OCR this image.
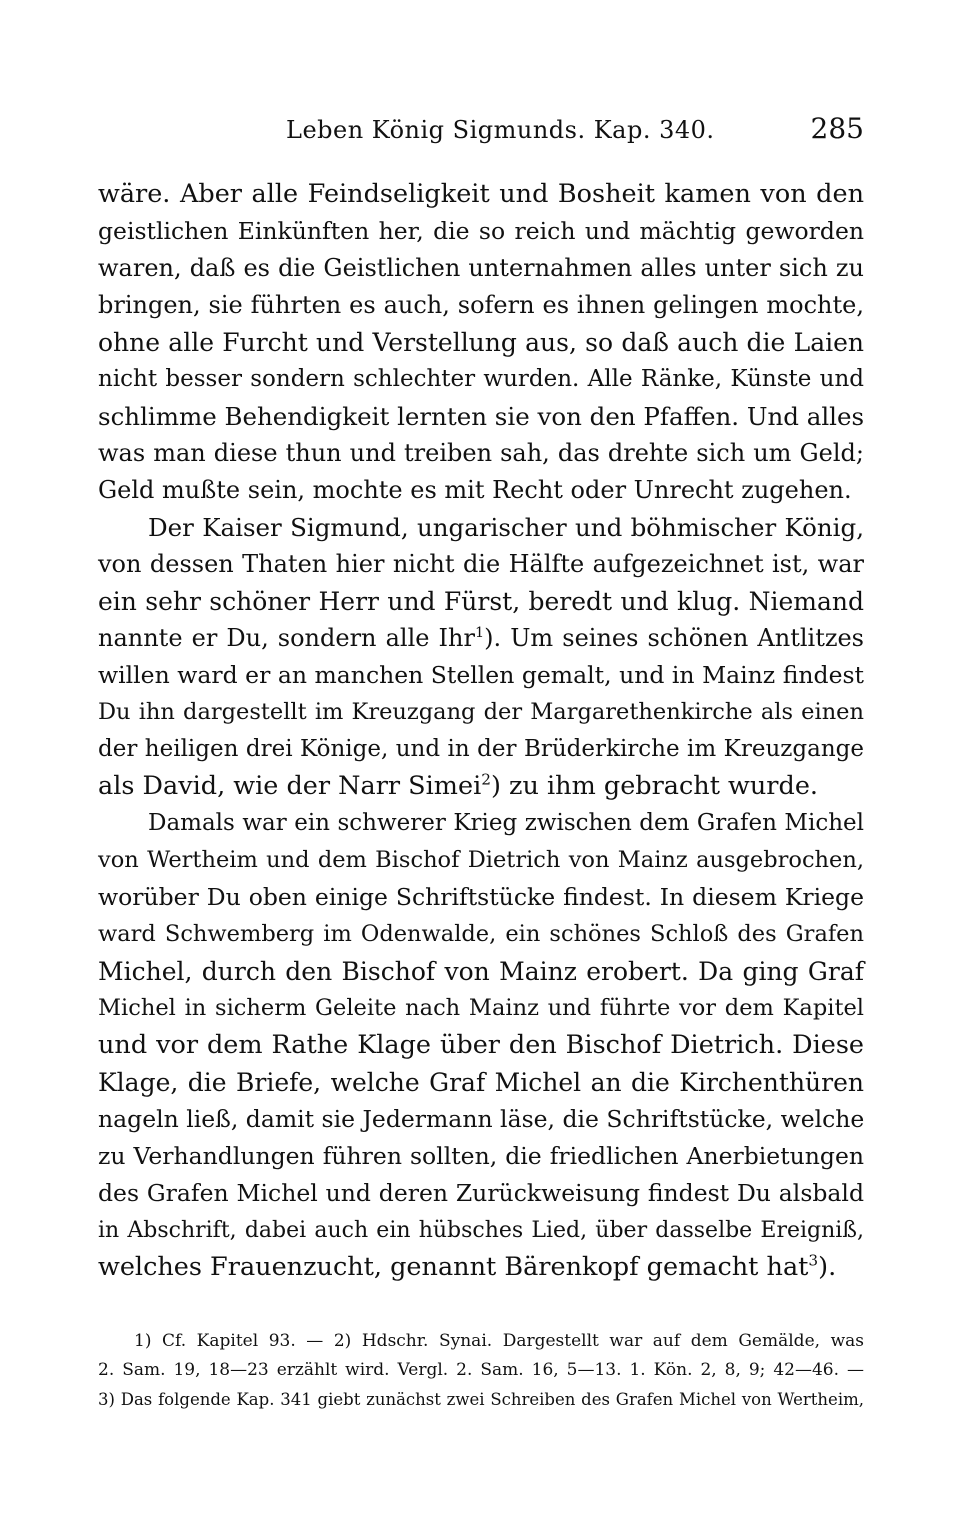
Leben König Sigmunds. Kap. 340.	285
wäre. Aber alle Feindseligkeit und Bosheit kamen von den
geistlichen Einkünften her, die so reich und mächtig geworden
waren, daß es die Geistlichen unternahmen alles unter sich zu
bringen, sie führten es auch, sofern es ihnen gelingen mochte,
ohne alle Furcht und Verstellung aus, so daß auch die Laien
nicht besser sondern schlechter wurden. Alle Ränke, Künste und
schlimme Behendigkeit lernten sie von den Pfaffen. Und alles
was man diese thun und treiben sah, das drehte sich um Geld;
Geld mußte sein, mochte es mit Recht oder Unrecht zugehen.
Der Kaiser Sigmund, ungarischer und böhmischer König,
von dessen Thaten hier nicht die Hälfte aufgezeichnet ist, war
ein sehr schöner Herr und Fürst, beredt und klug. Niemand
nannte er Du, sondern alle Ihr$^1$). Um seines schönen Antlitzes
willen ward er an manchen Stellen gemalt, und in Mainz findest
Du ihn dargestellt im Kreuzgang der Margarethenkirche als einen
der heiligen drei Könige, und in der Brüderkirche im Kreuzgange
als David, wie der Narr Simei$^2$) zu ihm gebracht wurde.
Damals war ein schwerer Krieg zwischen dem Grafen Michel
von Wertheim und dem Bischof Dietrich von Mainz ausgebrochen,
worüber Du oben einige Schriftstücke findest. In diesem Kriege
ward Schwemberg im Odenwalde, ein schönes Schloß des Grafen
Michel, durch den Bischof von Mainz erobert. Da ging Graf
Michel in sicherm Geleite nach Mainz und führte vor dem Kapitel
und vor dem Rathe Klage über den Bischof Dietrich. Diese
Klage, die Briefe, welche Graf Michel an die Kirchenthüren
nageln ließ, damit sie Jedermann läse, die Schriftstücke, welche
zu Verhandlungen führen sollten, die friedlichen Anerbietungen
des Grafen Michel und deren Zurückweisung findest Du alsbald
in Abschrift, dabei auch ein hübsches Lied, über dasselbe Ereigniß,
welches Frauenzucht, genannt Bärenkopf gemacht hat$^3$).
1) Cf. Kapitel 93. — 2) Hdschr. Synai. Dargestellt war auf dem Gemälde, was
2. Sam. 19, 18—23 erzählt wird. Vergl. 2. Sam. 16, 5—13. 1. Kön. 2, 8, 9; 42—46. —
3) Das folgende Kap. 341 giebt zunächst zwei Schreiben des Grafen Michel von Wertheim,
